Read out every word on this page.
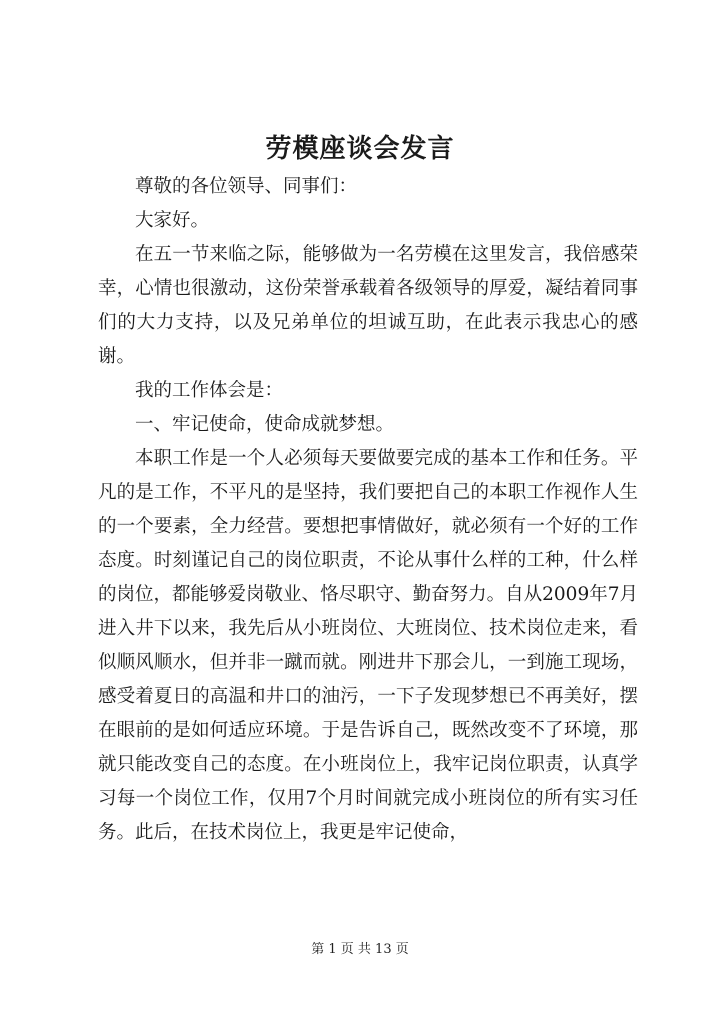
劳模座谈会发言

尊敬的各位领导、同事们：

大家好。

在五一节来临之际，能够做为一名劳模在这里发言，我倍感荣幸，心情也很激动，这份荣誉承载着各级领导的厚爱，凝结着同事们的大力支持，以及兄弟单位的坦诚互助，在此表示我忠心的感谢。

我的工作体会是：

一、牢记使命，使命成就梦想。

本职工作是一个人必须每天要做要完成的基本工作和任务。平凡的是工作，不平凡的是坚持，我们要把自己的本职工作视作人生的一个要素，全力经营。要想把事情做好，就必须有一个好的工作态度。时刻谨记自己的岗位职责，不论从事什么样的工种，什么样的岗位，都能够爱岗敬业、恪尽职守、勤奋努力。自从2009年7月进入井下以来，我先后从小班岗位、大班岗位、技术岗位走来，看似顺风顺水，但并非一蹴而就。刚进井下那会儿，一到施工现场，感受着夏日的高温和井口的油污，一下子发现梦想已不再美好，摆在眼前的是如何适应环境。于是告诉自己，既然改变不了环境，那就只能改变自己的态度。在小班岗位上，我牢记岗位职责，认真学习每一个岗位工作，仅用7个月时间就完成小班岗位的所有实习任务。此后，在技术岗位上，我更是牢记使命，

第 1 页 共 13 页
